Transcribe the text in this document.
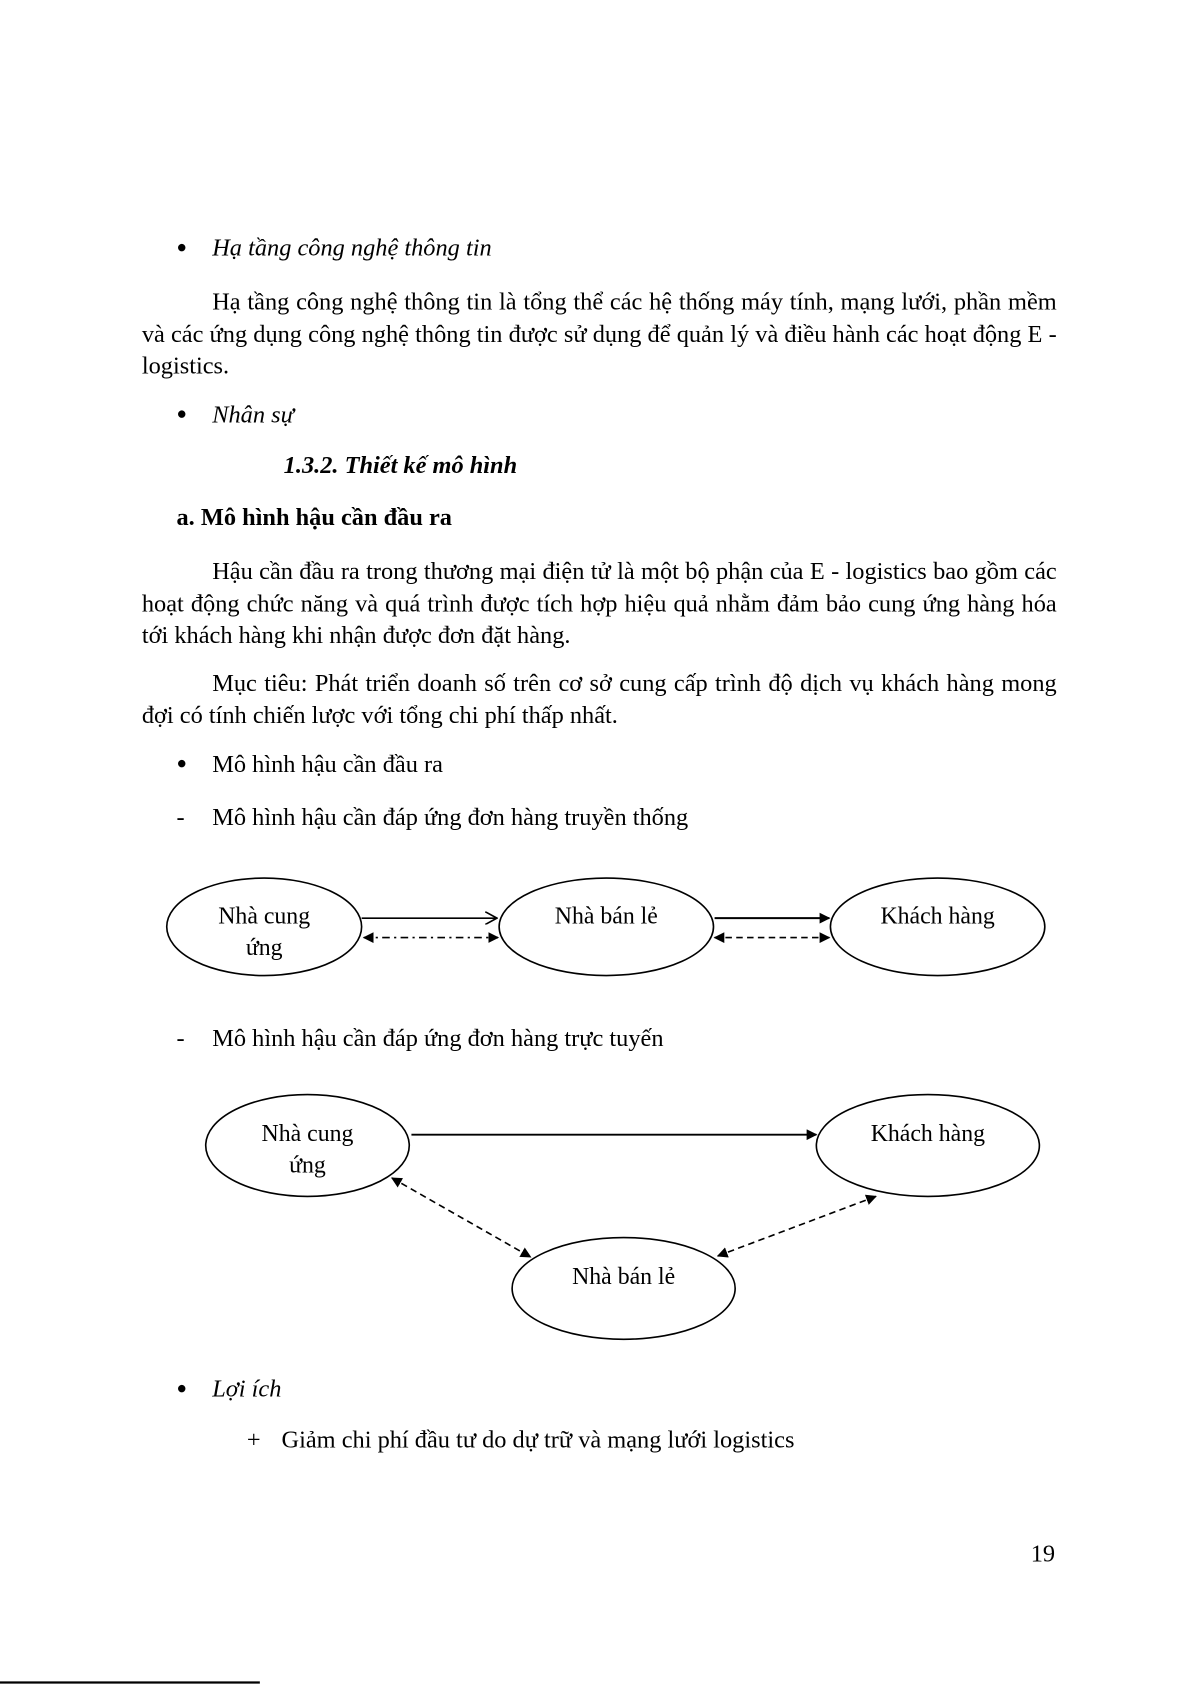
● Hạ tầng công nghệ thông tin
Hạ tầng công nghệ thông tin là tổng thể các hệ thống máy tính, mạng lưới, phần mềm và các ứng dụng công nghệ thông tin được sử dụng để quản lý và điều hành các hoạt động E - logistics.
● Nhân sự
1.3.2. Thiết kế mô hình
a. Mô hình hậu cần đầu ra
Hậu cần đầu ra trong thương mại điện tử là một bộ phận của E - logistics bao gồm các hoạt động chức năng và quá trình được tích hợp hiệu quả nhằm đảm bảo cung ứng hàng hóa tới khách hàng khi nhận được đơn đặt hàng.
Mục tiêu: Phát triển doanh số trên cơ sở cung cấp trình độ dịch vụ khách hàng mong đợi có tính chiến lược với tổng chi phí thấp nhất.
● Mô hình hậu cần đầu ra
- Mô hình hậu cần đáp ứng đơn hàng truyền thống
Nhà cung
ứng
Nhà bán lẻ	Khách hàng
Nhà cung
ứng
Khách hàng
Nhà bán lẻ
- Mô hình hậu cần đáp ứng đơn hàng trực tuyến
● Lợi ích
+ Giảm chi phí đầu tư do dự trữ và mạng lưới logistics
19
